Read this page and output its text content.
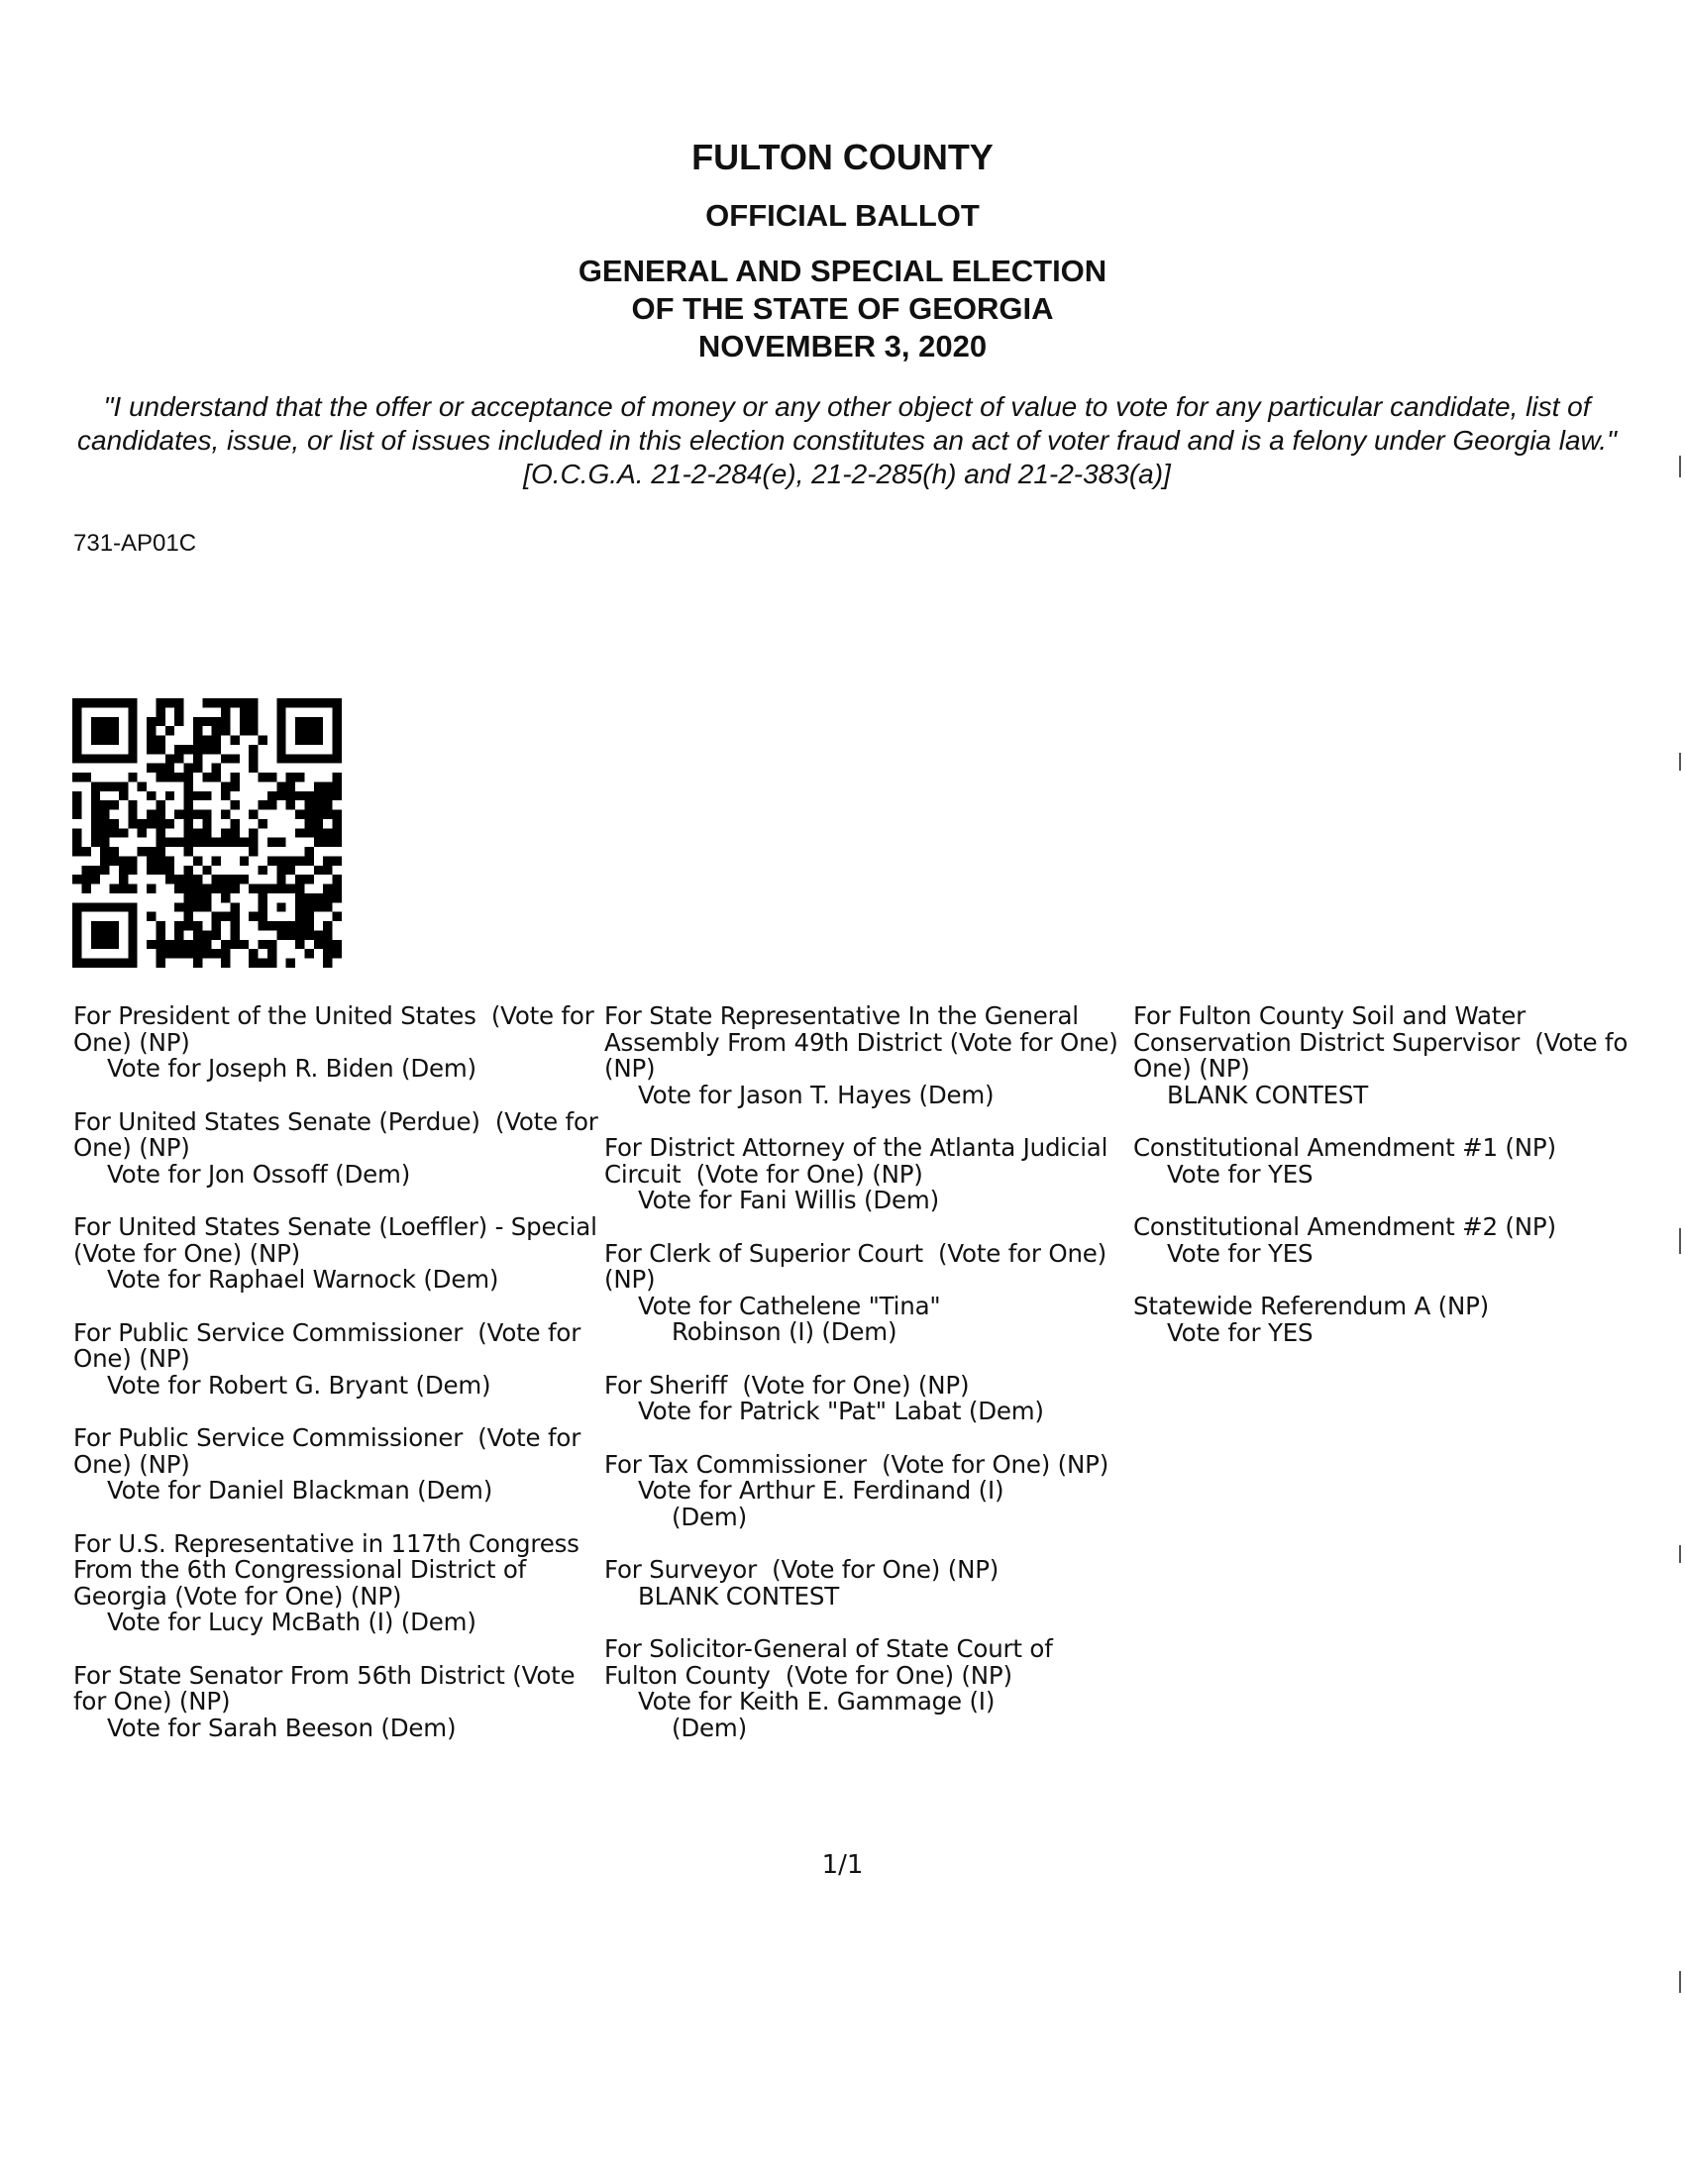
FULTON COUNTY
OFFICIAL BALLOT
GENERAL AND SPECIAL ELECTION
OF THE STATE OF GEORGIA
NOVEMBER 3, 2020
"I understand that the offer or acceptance of money or any other object of value to vote for any particular candidate, list of candidates, issue, or list of issues included in this election constitutes an act of voter fraud and is a felony under Georgia law." [O.C.G.A. 21-2-284(e), 21-2-285(h) and 21-2-383(a)]
731-AP01C
For President of the United States  (Vote for One) (NP)
Vote for Joseph R. Biden (Dem)
For United States Senate (Perdue)  (Vote for One) (NP)
Vote for Jon Ossoff (Dem)
For United States Senate (Loeffler) - Special  (Vote for One) (NP)
Vote for Raphael Warnock (Dem)
For Public Service Commissioner  (Vote for One) (NP)
Vote for Robert G. Bryant (Dem)
For Public Service Commissioner  (Vote for One) (NP)
Vote for Daniel Blackman (Dem)
For U.S. Representative in 117th Congress From the 6th Congressional District of Georgia (Vote for One) (NP)
Vote for Lucy McBath (I) (Dem)
For State Senator From 56th District (Vote for One) (NP)
Vote for Sarah Beeson (Dem)
For State Representative In the General Assembly From 49th District (Vote for One) (NP)
Vote for Jason T. Hayes (Dem)
For District Attorney of the Atlanta Judicial Circuit  (Vote for One) (NP)
Vote for Fani Willis (Dem)
For Clerk of Superior Court  (Vote for One) (NP)
Vote for Cathelene "Tina"
Robinson (I) (Dem)
For Sheriff  (Vote for One) (NP)
Vote for Patrick "Pat" Labat (Dem)
For Tax Commissioner  (Vote for One) (NP)
Vote for Arthur E. Ferdinand (I)
(Dem)
For Surveyor  (Vote for One) (NP)
BLANK CONTEST
For Solicitor-General of State Court of Fulton County  (Vote for One) (NP)
Vote for Keith E. Gammage (I)
(Dem)
For Fulton County Soil and Water Conservation District Supervisor  (Vote fo One) (NP)
BLANK CONTEST
Constitutional Amendment #1 (NP)
Vote for YES
Constitutional Amendment #2 (NP)
Vote for YES
Statewide Referendum A (NP)
Vote for YES
1/1
